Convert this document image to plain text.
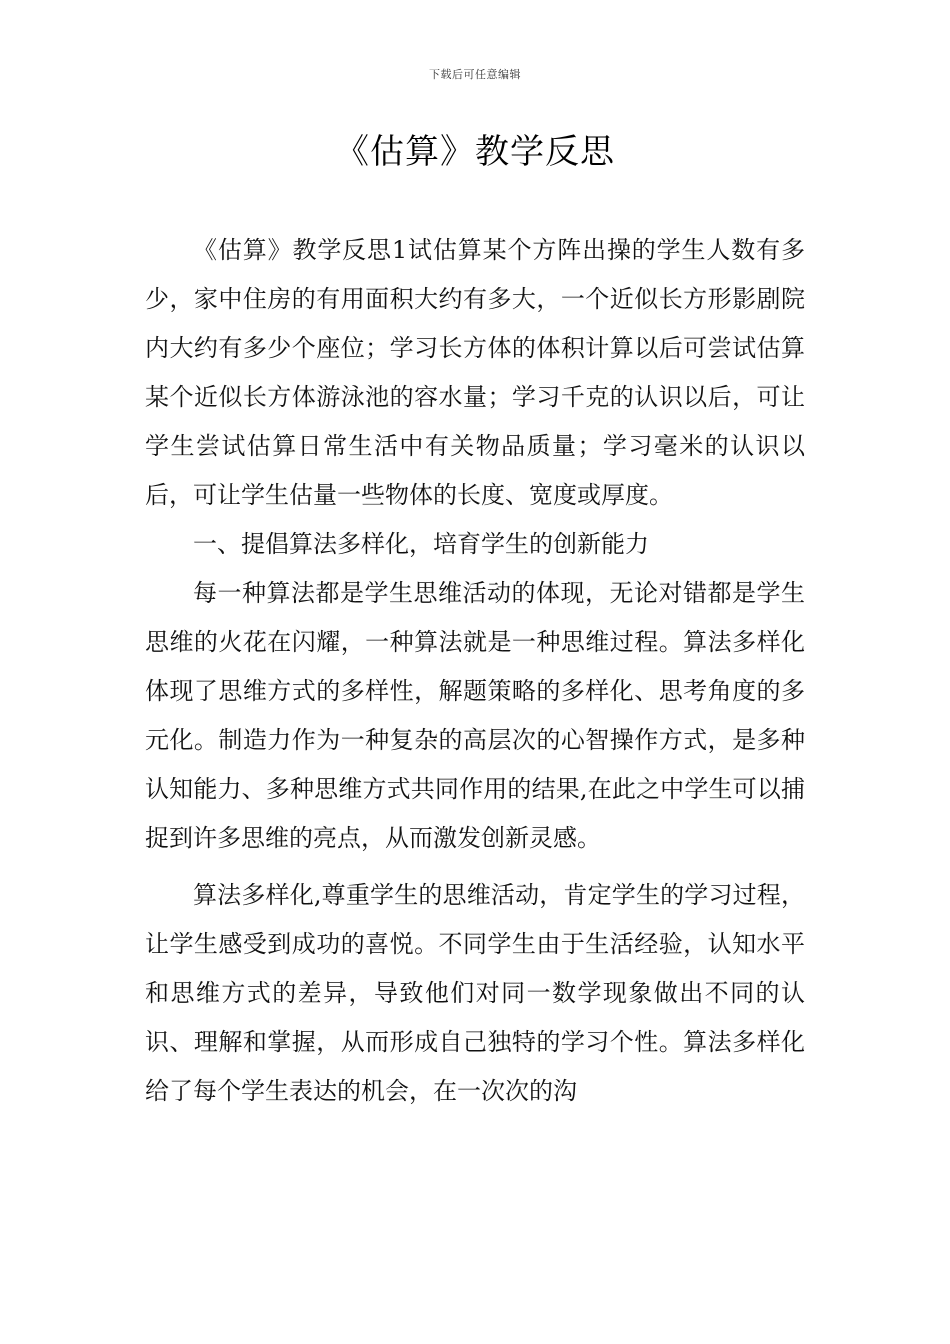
下载后可任意编辑
《估算》教学反思

《估算》教学反思1试估算某个方阵出操的学生人数有多少，家中住房的有用面积大约有多大，一个近似长方形影剧院内大约有多少个座位；学习长方体的体积计算以后可尝试估算某个近似长方体游泳池的容水量；学习千克的认识以后，可让学生尝试估算日常生活中有关物品质量；学习毫米的认识以后，可让学生估量一些物体的长度、宽度或厚度。

一、提倡算法多样化，培育学生的创新能力

每一种算法都是学生思维活动的体现，无论对错都是学生思维的火花在闪耀，一种算法就是一种思维过程。算法多样化体现了思维方式的多样性，解题策略的多样化、思考角度的多元化。制造力作为一种复杂的高层次的心智操作方式，是多种认知能力、多种思维方式共同作用的结果,在此之中学生可以捕捉到许多思维的亮点，从而激发创新灵感。

算法多样化,尊重学生的思维活动，肯定学生的学习过程，让学生感受到成功的喜悦。不同学生由于生活经验，认知水平和思维方式的差异，导致他们对同一数学现象做出不同的认识、理解和掌握，从而形成自己独特的学习个性。算法多样化给了每个学生表达的机会，在一次次的沟
